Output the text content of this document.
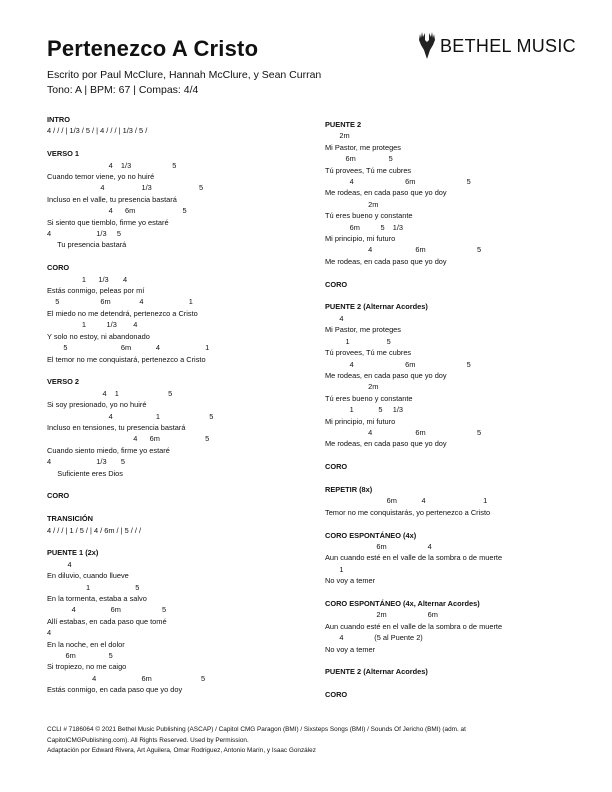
Pertenezco A Cristo
Escrito por Paul McClure, Hannah McClure, y Sean Curran
Tono: A | BPM: 67 | Compas: 4/4
BETHEL MUSIC
INTRO
4 / / / | 1/3 / 5 / | 4 / / / | 1/3 / 5 /
VERSO 1
4    1/3                    5
Cuando temor viene, yo no huiré
4                  1/3                       5
Incluso en el valle, tu presencia bastará
4      6m                       5
Si siento que tiemblo, firme yo estaré
4                      1/3     5
Tu presencia bastará
CORO
1      1/3       4
Estás conmigo, peleas por mí
5                    6m              4                      1
El miedo no me detendrá, pertenezco a Cristo
1          1/3        4
Y solo no estoy, ni abandonado
5                          6m            4                      1
El temor no me conquistará, pertenezco a Cristo
VERSO 2
4    1                        5
Si soy presionado, yo no huiré
4                     1                        5
Incluso en tensiones, tu presencia bastará
4      6m                      5
Cuando siento miedo, firme yo estaré
4                      1/3       5
Suficiente eres Dios
CORO
TRANSICIÓN
4 / / / | 1 / 5 / | 4 / 6m / | 5 / / /
PUENTE 1 (2x)
4
En diluvio, cuando llueve
1                      5
En la tormenta, estaba a salvo
4                 6m                    5
Allí estabas, en cada paso que tomé
4
En la noche, en el dolor
6m                5
Si tropiezo, no me caigo
4                      6m                        5
Estás conmigo, en cada paso que yo doy
PUENTE 2
2m
Mi Pastor, me proteges
6m                5
Tú provees, Tú me cubres
4                         6m                         5
Me rodeas, en cada paso que yo doy
2m
Tú eres bueno y constante
6m          5    1/3
Mi principio, mi futuro
4                     6m                         5
Me rodeas, en cada paso que yo doy
CORO
PUENTE 2 (Alternar Acordes)
4
Mi Pastor, me proteges
1                  5
Tú provees, Tú me cubres
4                         6m                         5
Me rodeas, en cada paso que yo doy
2m
Tú eres bueno y constante
1            5     1/3
Mi principio, mi futuro
4                     6m                         5
Me rodeas, en cada paso que yo doy
CORO
REPETIR (8x)
6m            4                            1
Temor no me conquistarás, yo pertenezco a Cristo
CORO ESPONTÁNEO (4x)
6m                    4
Aun cuando esté en el valle de la sombra o de muerte
1
No voy a temer
CORO ESPONTÁNEO (4x, Alternar Acordes)
2m                    6m
Aun cuando esté en el valle de la sombra o de muerte
4               (5 al Puente 2)
No voy a temer
PUENTE 2 (Alternar Acordes)
CORO
CCLI # 7186064 © 2021 Bethel Music Publishing (ASCAP) / Capitol CMG Paragon (BMI) / Sixsteps Songs (BMI) / Sounds Of Jericho (BMI) (adm. at
CapitolCMGPublishing.com). All Rights Reserved. Used by Permission.
Adaptación por Edward Rivera, Art Aguilera, Omar Rodriguez, Antonio Marín, y Isaac González
